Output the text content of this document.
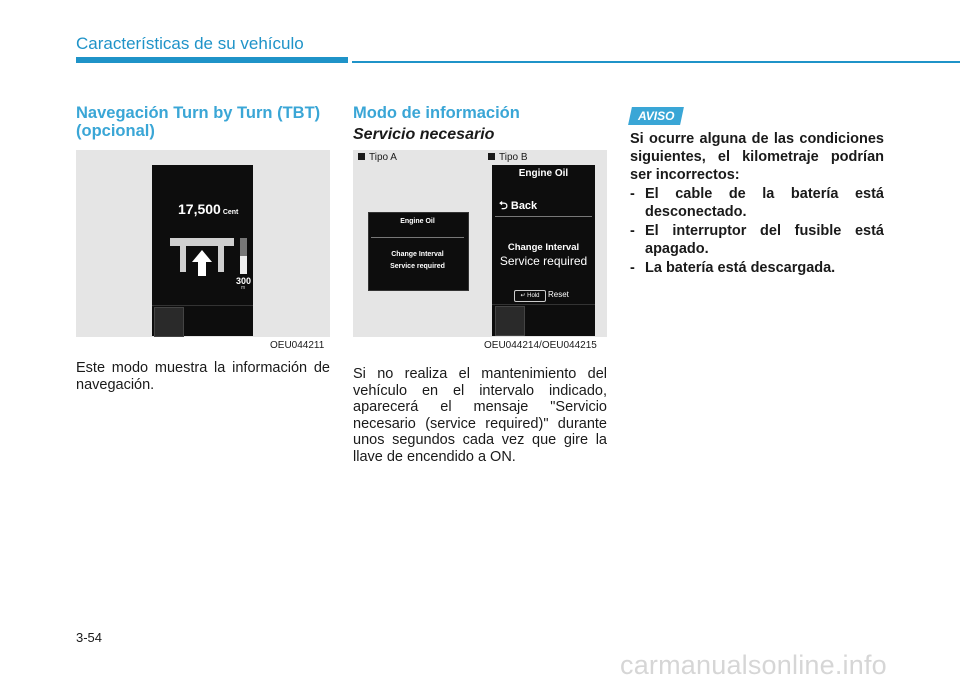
Características de su vehículo
Navegación Turn by Turn (TBT) (opcional)
17,500 Cent
300
m
OEU044211
Este modo muestra la información de navegación.
Modo de información
Servicio necesario
Tipo A	Tipo B
Engine Oil
Change Interval
Service required
Engine Oil
⮌ Back
Change Interval
Service required
↵ Hold	Reset
OEU044214/OEU044215
Si no realiza el mantenimiento del vehículo en el intervalo indicado, aparecerá el mensaje "Servicio necesario (service required)" durante unos segundos cada vez que gire la llave de encendido a ON.
AVISO
Si ocurre alguna de las condiciones siguientes, el kilometraje podrían ser incorrectos:
- El cable de la batería está desconectado.
- El interruptor del fusible está apagado.
- La batería está descargada.
3-54
carmanualsonline.info
